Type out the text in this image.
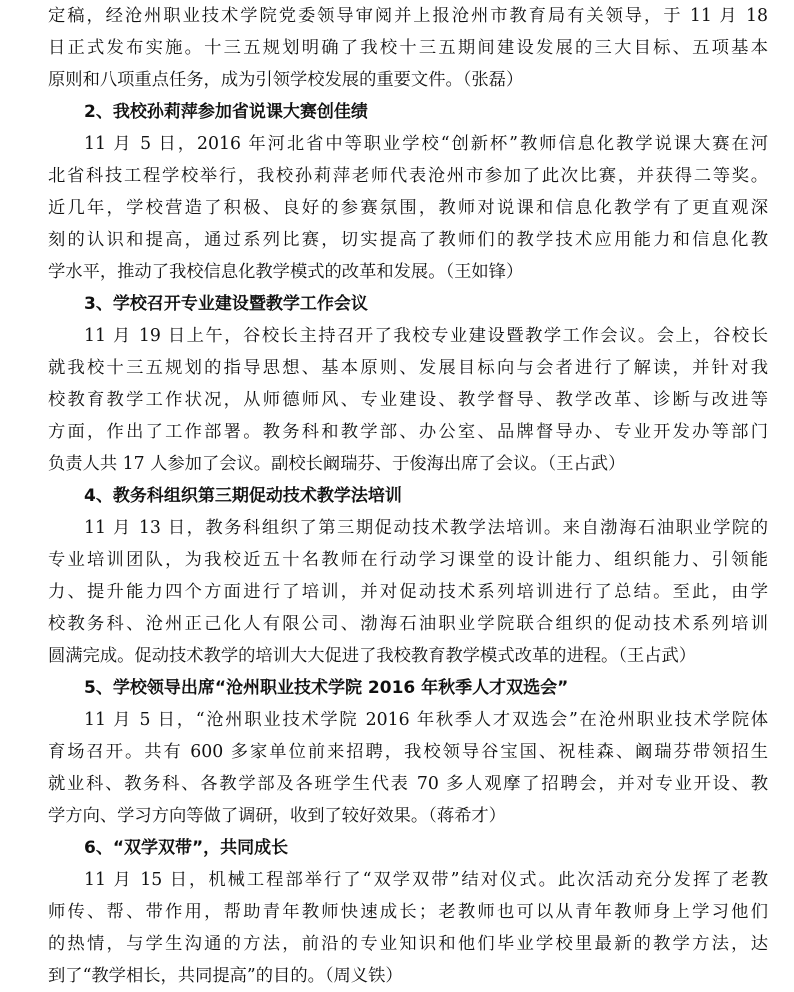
定稿，经沧州职业技术学院党委领导审阅并上报沧州市教育局有关领导，于 11 月 18
日正式发布实施。十三五规划明确了我校十三五期间建设发展的三大目标、五项基本
原则和八项重点任务，成为引领学校发展的重要文件。（张磊）
2、我校孙莉萍参加省说课大赛创佳绩
11 月 5 日，2016 年河北省中等职业学校“创新杯”教师信息化教学说课大赛在河
北省科技工程学校举行，我校孙莉萍老师代表沧州市参加了此次比赛，并获得二等奖。
近几年，学校营造了积极、良好的参赛氛围，教师对说课和信息化教学有了更直观深
刻的认识和提高，通过系列比赛，切实提高了教师们的教学技术应用能力和信息化教
学水平，推动了我校信息化教学模式的改革和发展。（王如锋）
3、学校召开专业建设暨教学工作会议
11 月 19 日上午，谷校长主持召开了我校专业建设暨教学工作会议。会上，谷校长
就我校十三五规划的指导思想、基本原则、发展目标向与会者进行了解读，并针对我
校教育教学工作状况，从师德师风、专业建设、教学督导、教学改革、诊断与改进等
方面，作出了工作部署。教务科和教学部、办公室、品牌督导办、专业开发办等部门
负责人共 17 人参加了会议。副校长阚瑞芬、于俊海出席了会议。（王占武）
4、教务科组织第三期促动技术教学法培训
11 月 13 日，教务科组织了第三期促动技术教学法培训。来自渤海石油职业学院的
专业培训团队，为我校近五十名教师在行动学习课堂的设计能力、组织能力、引领能
力、提升能力四个方面进行了培训，并对促动技术系列培训进行了总结。至此，由学
校教务科、沧州正己化人有限公司、渤海石油职业学院联合组织的促动技术系列培训
圆满完成。促动技术教学的培训大大促进了我校教育教学模式改革的进程。（王占武）
5、学校领导出席“沧州职业技术学院 2016 年秋季人才双选会”
11 月 5 日，“沧州职业技术学院 2016 年秋季人才双选会”在沧州职业技术学院体
育场召开。共有 600 多家单位前来招聘，我校领导谷宝国、祝桂森、阚瑞芬带领招生
就业科、教务科、各教学部及各班学生代表 70 多人观摩了招聘会，并对专业开设、教
学方向、学习方向等做了调研，收到了较好效果。（蒋希才）
6、“双学双带”，共同成长
11 月 15 日，机械工程部举行了“双学双带”结对仪式。此次活动充分发挥了老教
师传、帮、带作用，帮助青年教师快速成长；老教师也可以从青年教师身上学习他们
的热情，与学生沟通的方法，前沿的专业知识和他们毕业学校里最新的教学方法，达
到了“教学相长，共同提高”的目的。（周义铁）
